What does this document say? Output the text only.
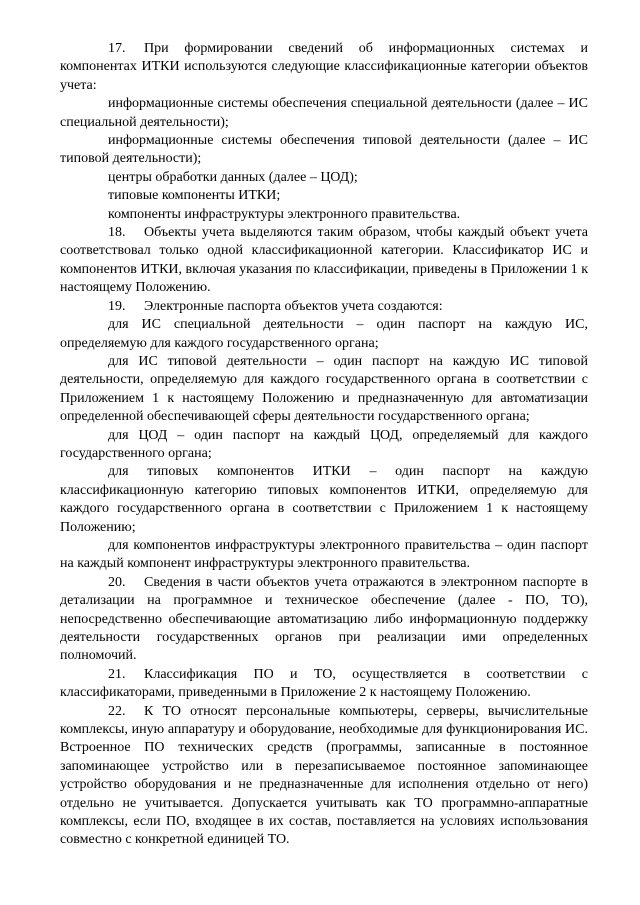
17. При формировании сведений об информационных системах и компонентах ИТКИ используются следующие классификационные категории объектов учета:

информационные системы обеспечения специальной деятельности (далее – ИС специальной деятельности);

информационные системы обеспечения типовой деятельности (далее – ИС типовой деятельности);

центры обработки данных (далее – ЦОД);

типовые компоненты ИТКИ;

компоненты инфраструктуры электронного правительства.

18. Объекты учета выделяются таким образом, чтобы каждый объект учета соответствовал только одной классификационной категории. Классификатор ИС и компонентов ИТКИ, включая указания по классификации, приведены в Приложении 1 к настоящему Положению.

19. Электронные паспорта объектов учета создаются:

для ИС специальной деятельности – один паспорт на каждую ИС, определяемую для каждого государственного органа;

для ИС типовой деятельности – один паспорт на каждую ИС типовой деятельности, определяемую для каждого государственного органа в соответствии с Приложением 1 к настоящему Положению и предназначенную для автоматизации определенной обеспечивающей сферы деятельности государственного органа;

для ЦОД – один паспорт на каждый ЦОД, определяемый для каждого государственного органа;

для типовых компонентов ИТКИ – один паспорт на каждую классификационную категорию типовых компонентов ИТКИ, определяемую для каждого государственного органа в соответствии с Приложением 1 к настоящему Положению;

для компонентов инфраструктуры электронного правительства – один паспорт на каждый компонент инфраструктуры электронного правительства.

20. Сведения в части объектов учета отражаются в электронном паспорте в детализации на программное и техническое обеспечение (далее - ПО, ТО), непосредственно обеспечивающие автоматизацию либо информационную поддержку деятельности государственных органов при реализации ими определенных полномочий.

21. Классификация ПО и ТО, осуществляется в соответствии с классификаторами, приведенными в Приложение 2 к настоящему Положению.

22. К ТО относят персональные компьютеры, серверы, вычислительные комплексы, иную аппаратуру и оборудование, необходимые для функционирования ИС. Встроенное ПО технических средств (программы, записанные в постоянное запоминающее устройство или в перезаписываемое постоянное запоминающее устройство оборудования и не предназначенные для исполнения отдельно от него) отдельно не учитывается. Допускается учитывать как ТО программно-аппаратные комплексы, если ПО, входящее в их состав, поставляется на условиях использования совместно с конкретной единицей ТО.
